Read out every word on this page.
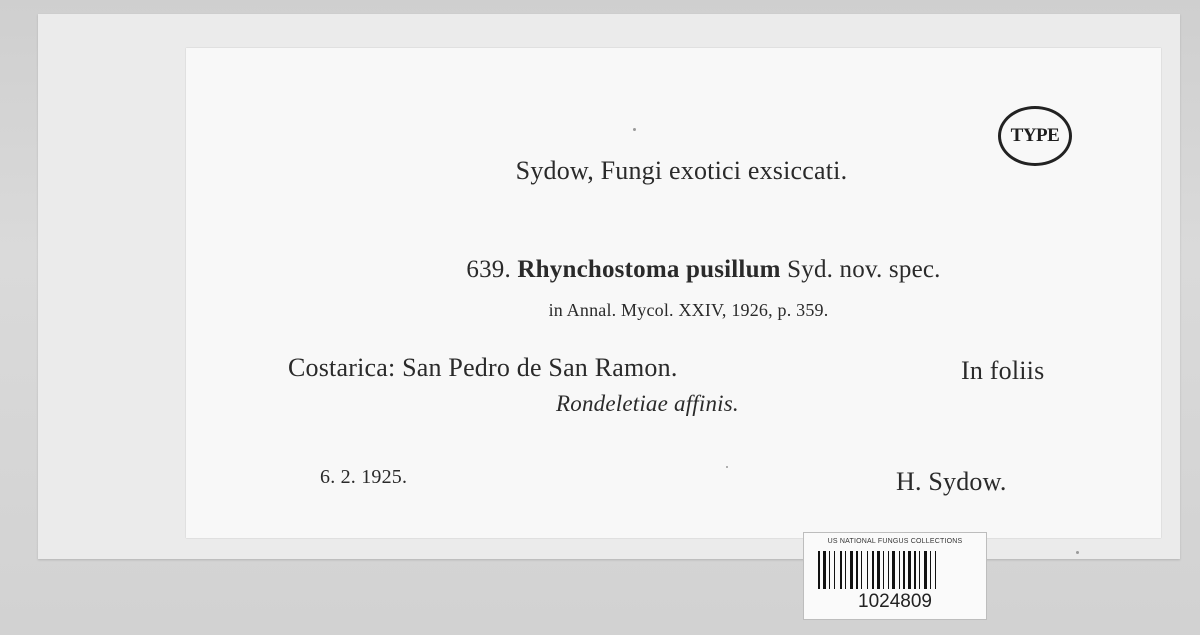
Sydow, Fungi exotici exsiccati.
639. Rhynchostoma pusillum Syd. nov. spec.
in Annal. Mycol. XXIV, 1926, p. 359.
Costarica: San Pedro de San Ramon.	In foliis
Rondeletiae affinis.
6. 2. 1925.	H. Sydow.
TYPE
US NATIONAL FUNGUS COLLECTIONS
1024809
